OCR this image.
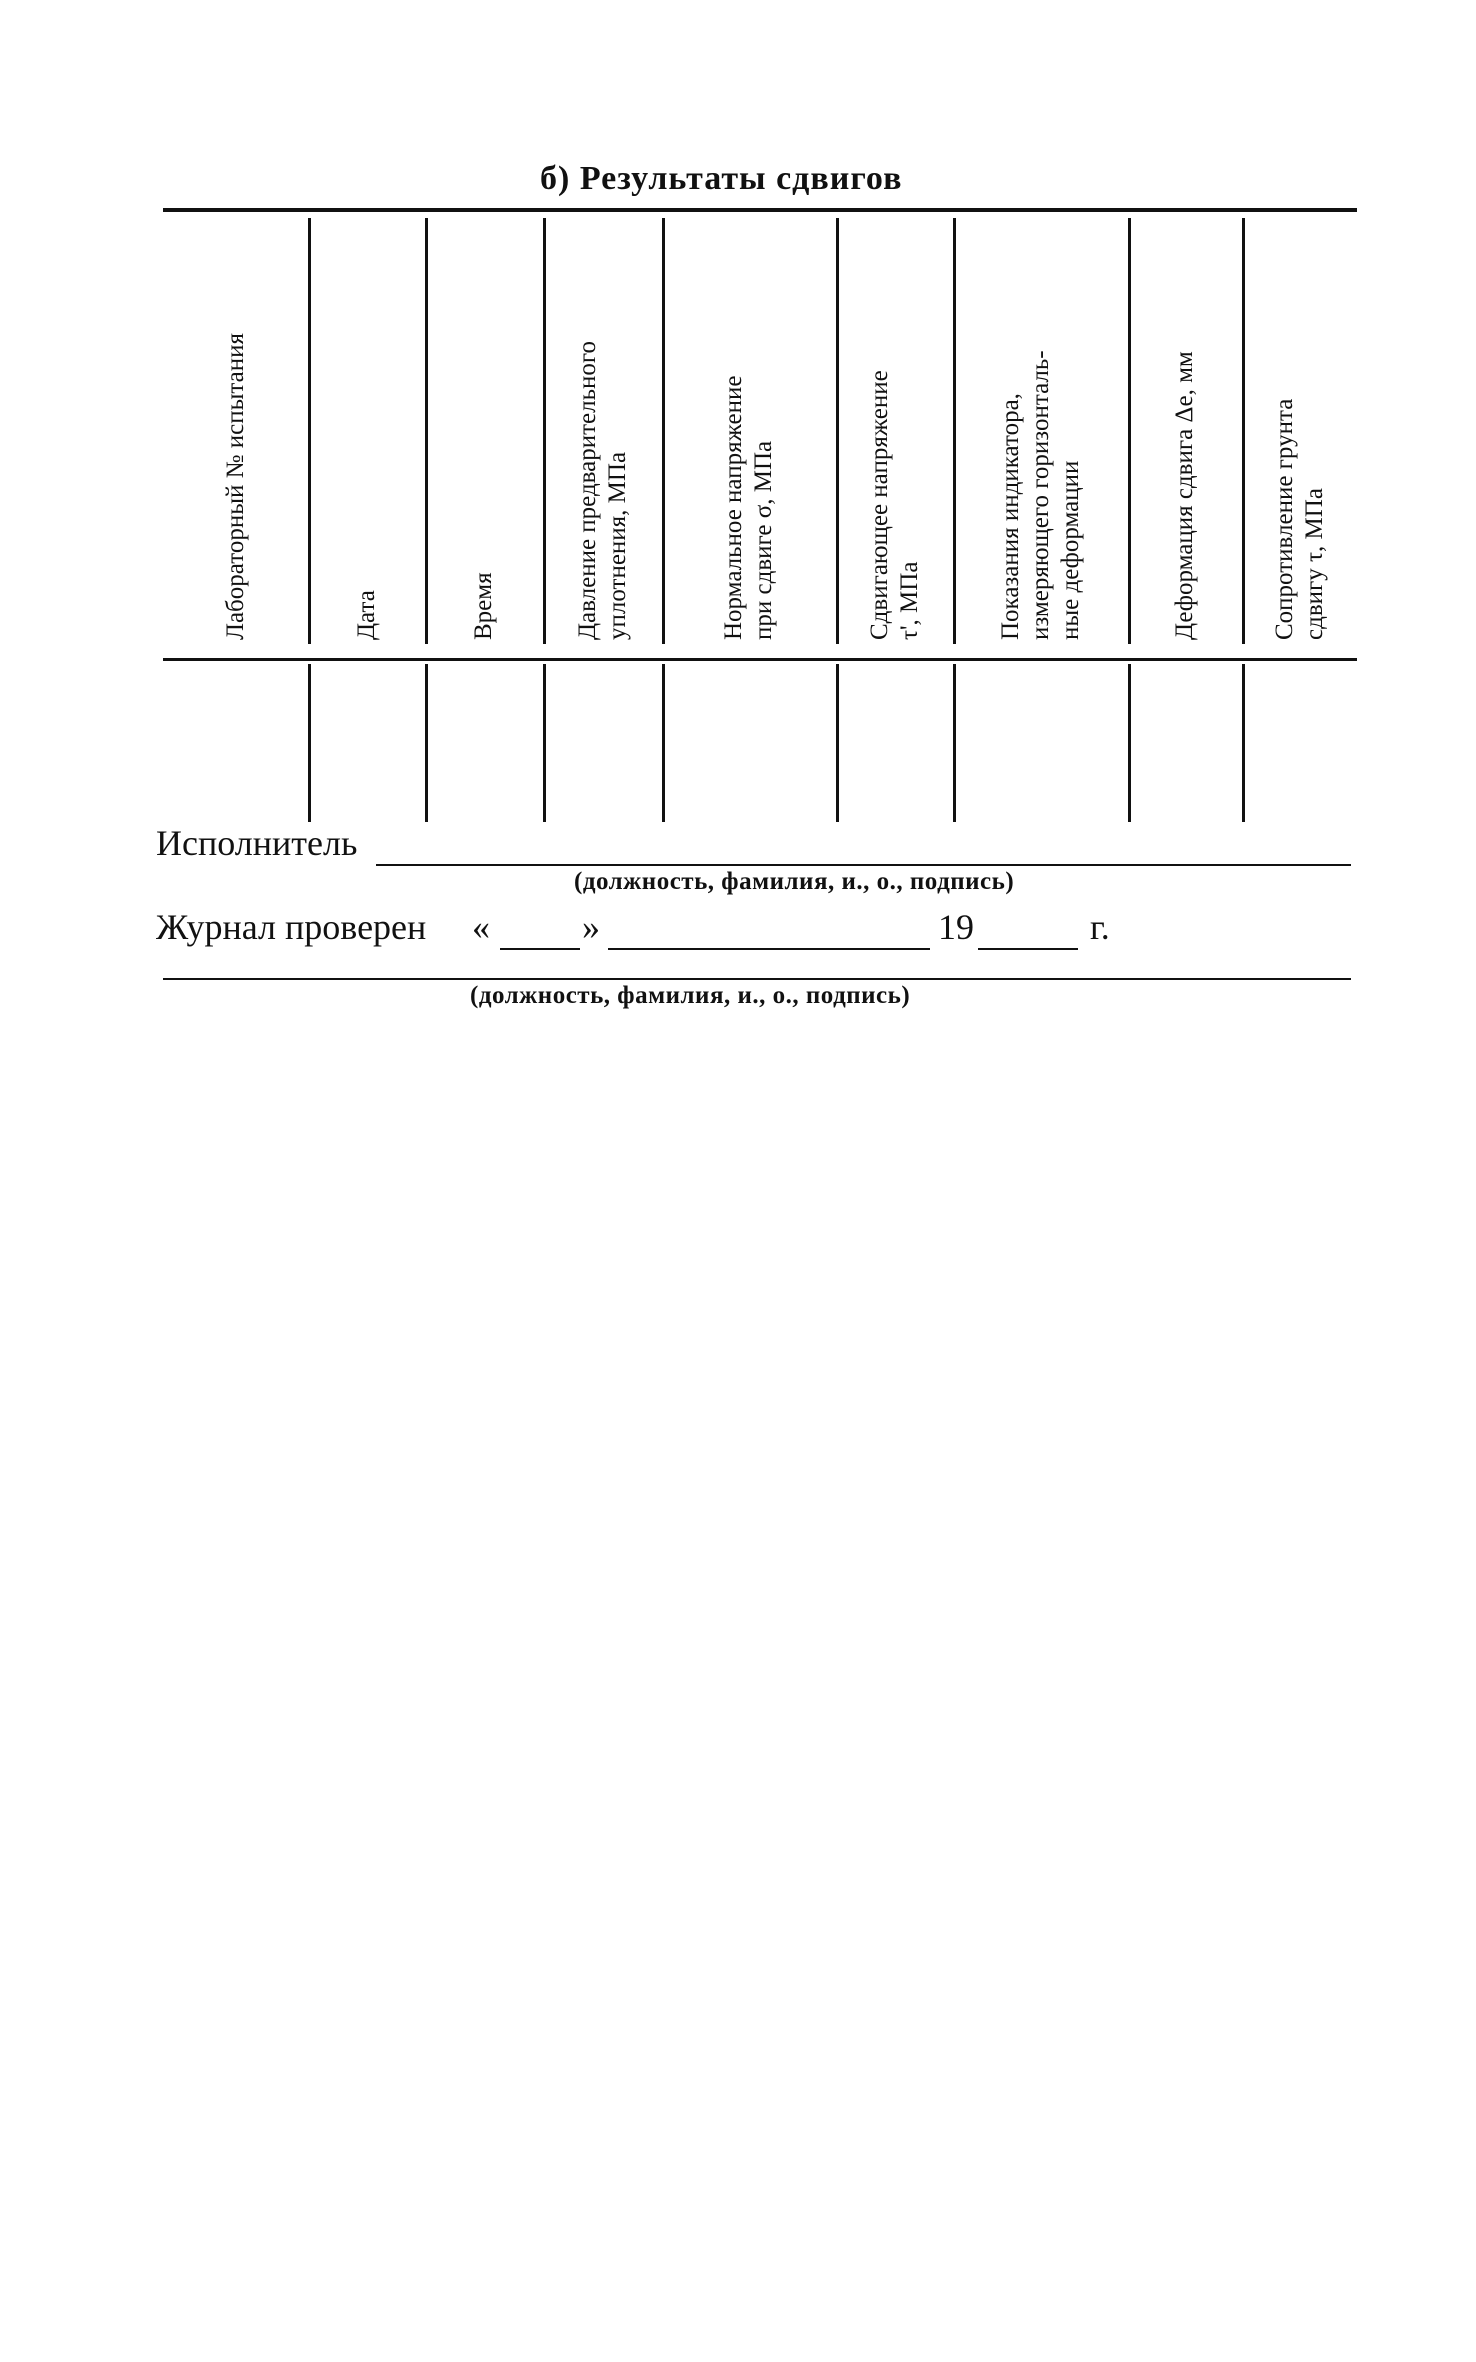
б) Результаты сдвигов
Лабораторный № испытания	Дата	Время	Давление предварительного уплотнения, МПа	Нормальное напряжение при сдвиге σ, МПа	Сдвигающее напряжение τ', МПа	Показания индикатора, измеряющего горизонталь- ные деформации	Деформация сдвига Δe, мм	Сопротивление грунта сдвигу τ, МПа
Исполнитель
(должность, фамилия, и., о., подпись)
Журнал проверен «	»	19	г.
(должность, фамилия, и., о., подпись)
